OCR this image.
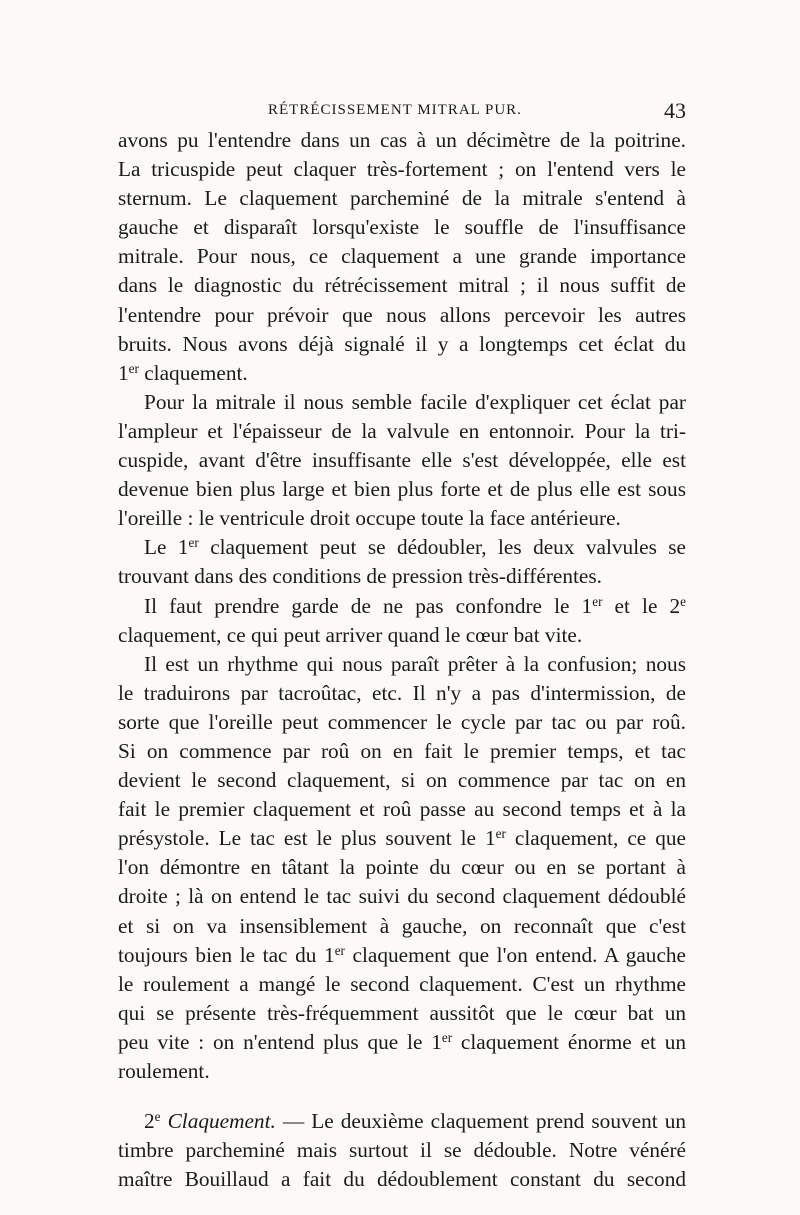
RÉTRÉCISSEMENT MITRAL PUR.	43
avons pu l'entendre dans un cas à un décimètre de la poitrine.
La tricuspide peut claquer très-fortement ; on l'entend vers le
sternum. Le claquement parcheminé de la mitrale s'entend à
gauche et disparaît lorsqu'existe le souffle de l'insuffisance
mitrale. Pour nous, ce claquement a une grande importance
dans le diagnostic du rétrécissement mitral ; il nous suffit de
l'entendre pour prévoir que nous allons percevoir les autres
bruits. Nous avons déjà signalé il y a longtemps cet éclat du
1er claquement.
Pour la mitrale il nous semble facile d'expliquer cet éclat par
l'ampleur et l'épaisseur de la valvule en entonnoir. Pour la tri-
cuspide, avant d'être insuffisante elle s'est développée, elle est
devenue bien plus large et bien plus forte et de plus elle est sous
l'oreille : le ventricule droit occupe toute la face antérieure.
Le 1er claquement peut se dédoubler, les deux valvules se
trouvant dans des conditions de pression très-différentes.
Il faut prendre garde de ne pas confondre le 1er et le 2e
claquement, ce qui peut arriver quand le cœur bat vite.
Il est un rhythme qui nous paraît prêter à la confusion; nous
le traduirons par tacroûtac, etc. Il n'y a pas d'intermission, de
sorte que l'oreille peut commencer le cycle par tac ou par roû.
Si on commence par roû on en fait le premier temps, et tac
devient le second claquement, si on commence par tac on en
fait le premier claquement et roû passe au second temps et à la
présystole. Le tac est le plus souvent le 1er claquement, ce que
l'on démontre en tâtant la pointe du cœur ou en se portant à
droite ; là on entend le tac suivi du second claquement dédoublé
et si on va insensiblement à gauche, on reconnaît que c'est
toujours bien le tac du 1er claquement que l'on entend. A gauche
le roulement a mangé le second claquement. C'est un rhythme
qui se présente très-fréquemment aussitôt que le cœur bat un
peu vite : on n'entend plus que le 1er claquement énorme et un
roulement.
2e Claquement. — Le deuxième claquement prend souvent un
timbre parcheminé mais surtout il se dédouble. Notre vénéré
maître Bouillaud a fait du dédoublement constant du second
